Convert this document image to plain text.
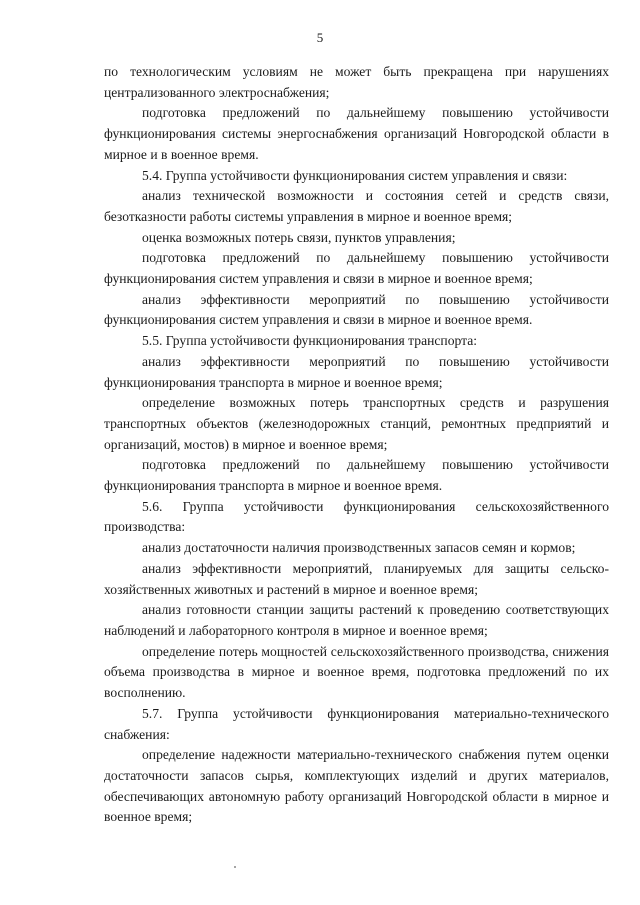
5

по технологическим условиям не может быть прекращена при нарушениях централизованного электроснабжения;

подготовка предложений по дальнейшему повышению устойчивости функционирования системы энергоснабжения организаций Новгородской области в мирное и в военное время.

5.4. Группа устойчивости функционирования систем управления и связи:

анализ технической возможности и состояния сетей и средств связи, безотказности работы системы управления в мирное и военное время;

оценка возможных потерь связи, пунктов управления;

подготовка предложений по дальнейшему повышению устойчивости функционирования систем управления и связи в мирное и военное время;

анализ эффективности мероприятий по повышению устойчивости функционирования систем управления и связи в мирное и военное время.

5.5. Группа устойчивости функционирования транспорта:

анализ эффективности мероприятий по повышению устойчивости функционирования транспорта в мирное и военное время;

определение возможных потерь транспортных средств и разрушения транспортных объектов (железнодорожных станций, ремонтных предприятий и организаций, мостов) в мирное и военное время;

подготовка предложений по дальнейшему повышению устойчивости функционирования транспорта в мирное и военное время.

5.6. Группа устойчивости функционирования сельскохозяйственного производства:

анализ достаточности наличия производственных запасов семян и кормов;

анализ эффективности мероприятий, планируемых для защиты сельско-хозяйственных животных и растений в мирное и военное время;

анализ готовности станции защиты растений к проведению соответствующих наблюдений и лабораторного контроля в мирное и военное время;

определение потерь мощностей сельскохозяйственного производства, снижения объема производства в мирное и военное время, подготовка предложений по их восполнению.

5.7. Группа устойчивости функционирования материально-технического снабжения:

определение надежности материально-технического снабжения путем оценки достаточности запасов сырья, комплектующих изделий и других материалов, обеспечивающих автономную работу организаций Новгородской области в мирное и военное время;
